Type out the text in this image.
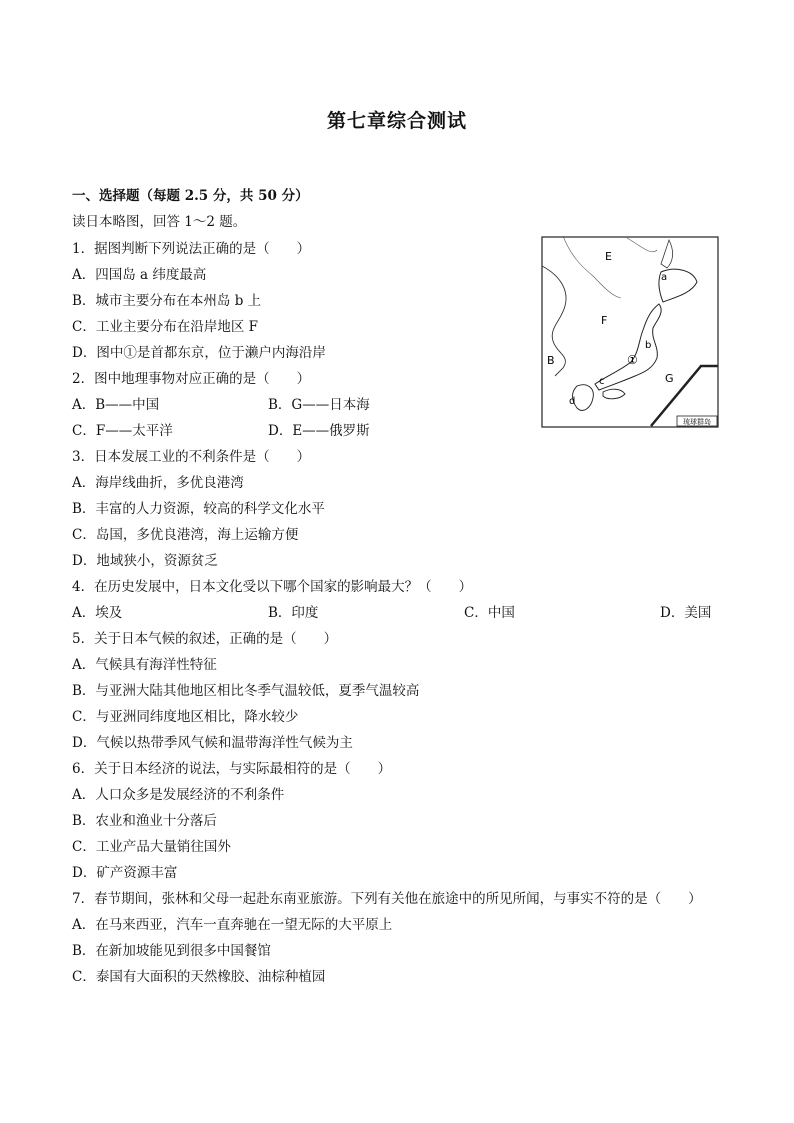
第七章综合测试
一、选择题（每题 2.5 分，共 50 分）
读日本略图，回答 1～2 题。
1．据图判断下列说法正确的是（　　）
A．四国岛 a 纬度最高
B．城市主要分布在本州岛 b 上
C．工业主要分布在沿岸地区 F
D．图中①是首都东京，位于濑户内海沿岸
2．图中地理事物对应正确的是（　　）
A．B——中国	B．G——日本海
C．F——太平洋	D．E——俄罗斯
3．日本发展工业的不利条件是（　　）
A．海岸线曲折，多优良港湾
B．丰富的人力资源，较高的科学文化水平
C．岛国，多优良港湾，海上运输方便
D．地域狭小，资源贫乏
4．在历史发展中，日本文化受以下哪个国家的影响最大？（　　）
A．埃及	B．印度	C．中国	D．美国
5．关于日本气候的叙述，正确的是（　　）
A．气候具有海洋性特征
B．与亚洲大陆其他地区相比冬季气温较低，夏季气温较高
C．与亚洲同纬度地区相比，降水较少
D．气候以热带季风气候和温带海洋性气候为主
6．关于日本经济的说法，与实际最相符的是（　　）
A．人口众多是发展经济的不利条件
B．农业和渔业十分落后
C．工业产品大量销往国外
D．矿产资源丰富
7．春节期间，张林和父母一起赴东南亚旅游。下列有关他在旅途中的所见所闻，与事实不符的是（　　）
A．在马来西亚，汽车一直奔驰在一望无际的大平原上
B．在新加坡能见到很多中国餐馆
C．泰国有大面积的天然橡胶、油棕种植园
琉球群岛
E
a
F
b
B	①
c	G
d
